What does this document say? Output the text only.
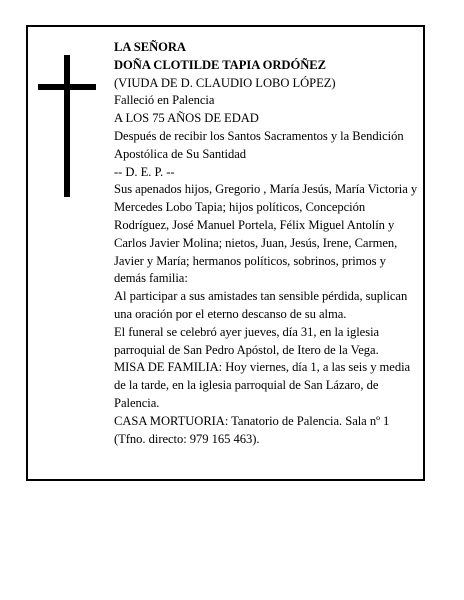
LA SEÑORA
DOÑA CLOTILDE TAPIA ORDÓÑEZ
(VIUDA DE D. CLAUDIO LOBO LÓPEZ)
Falleció en Palencia
A LOS 75 AÑOS DE EDAD
Después de recibir los Santos Sacramentos y la Bendición Apostólica de Su Santidad
-- D. E. P. --
Sus apenados hijos, Gregorio , María Jesús, María Victoria y Mercedes Lobo Tapia; hijos políticos, Concepción Rodríguez, José Manuel Portela, Félix Miguel Antolín y Carlos Javier Molina; nietos, Juan, Jesús, Irene, Carmen, Javier y María; hermanos políticos, sobrinos, primos y demás familia:
Al participar a sus amistades tan sensible pérdida, suplican una oración por el eterno descanso de su alma.
El funeral se celebró ayer jueves, día 31, en la iglesia parroquial de San Pedro Apóstol, de Itero de la Vega.
MISA DE FAMILIA: Hoy viernes, día 1, a las seis y media de la tarde, en la iglesia parroquial de San Lázaro, de Palencia.
CASA MORTUORIA: Tanatorio de Palencia. Sala nº 1 (Tfno. directo: 979 165 463).
